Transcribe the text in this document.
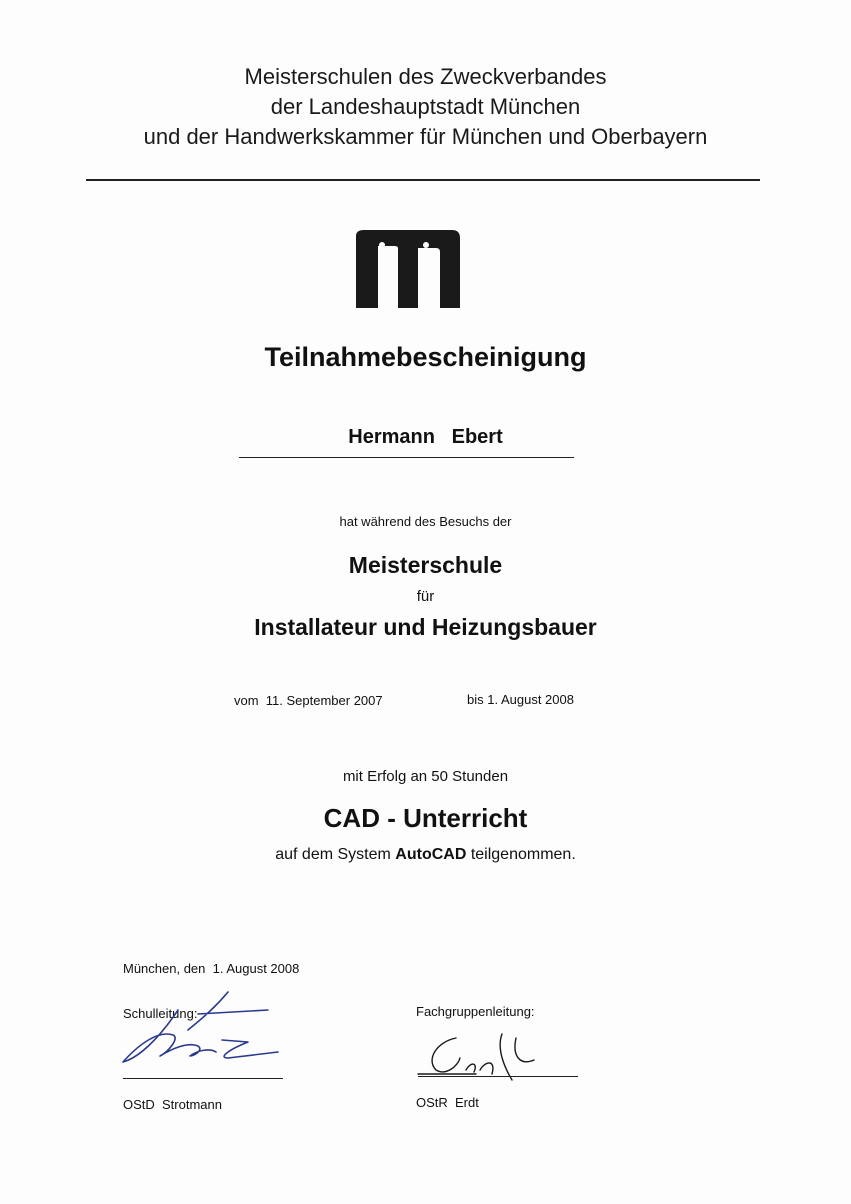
Meisterschulen des Zweckverbandes
der Landeshauptstadt München
und der Handwerkskammer für München und Oberbayern
Teilnahmebescheinigung
Hermann   Ebert
hat während des Besuchs der
Meisterschule
für
Installateur und Heizungsbauer
vom  11. September 2007	bis 1. August 2008
mit Erfolg an 50 Stunden
CAD - Unterricht
auf dem System AutoCAD teilgenommen.
München, den  1. August 2008
Schulleitung:
OStD  Strotmann
Fachgruppenleitung:
OStR  Erdt
